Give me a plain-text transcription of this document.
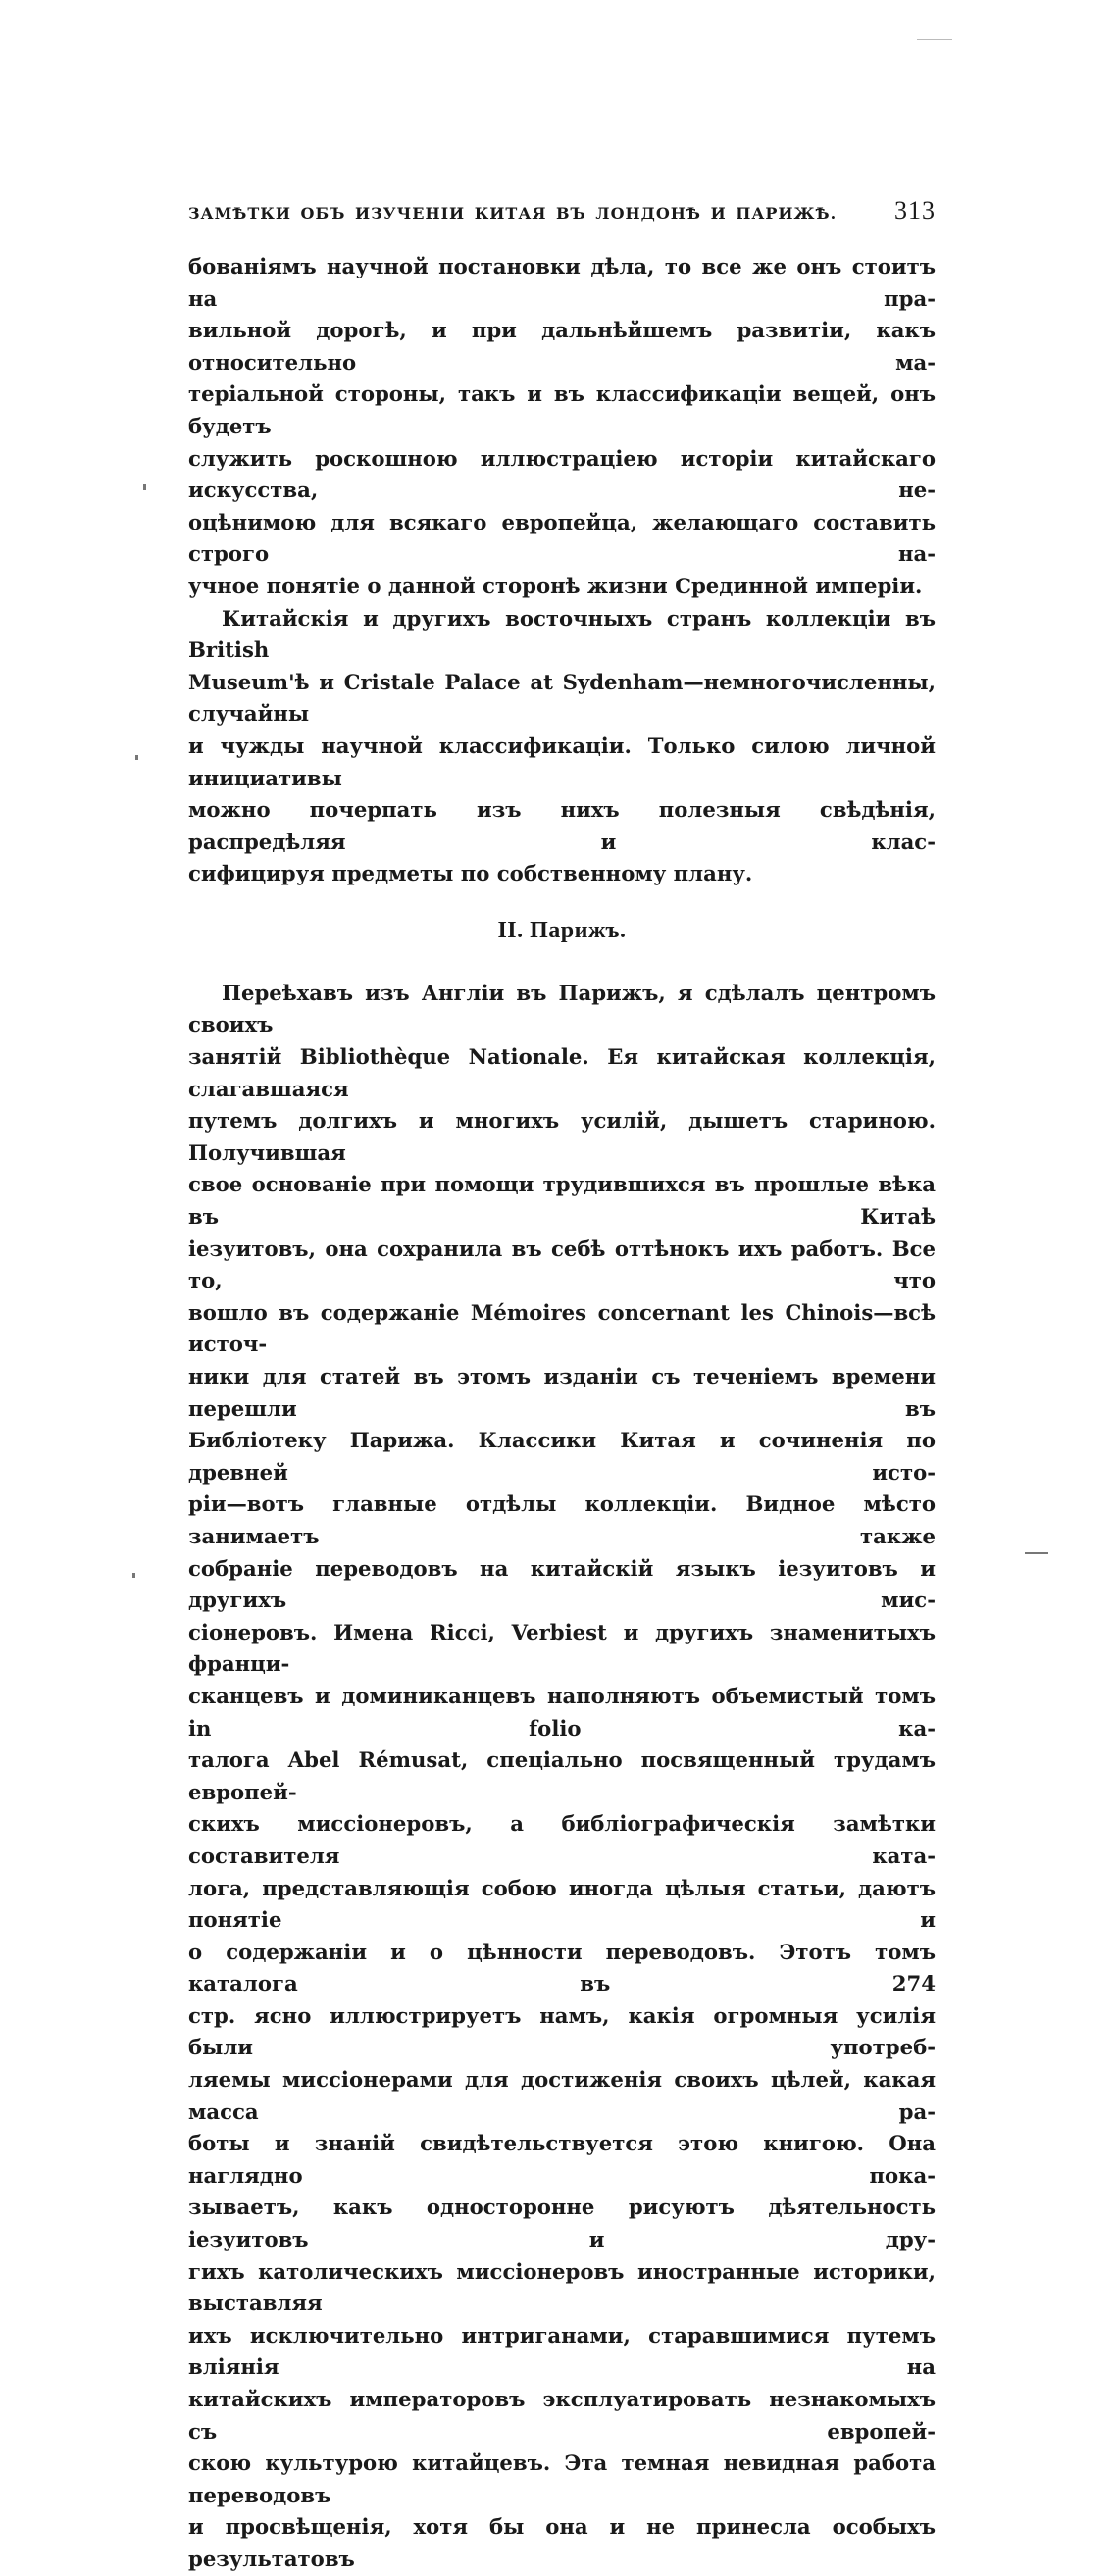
ЗАМѢТКИ ОБЪ ИЗУЧЕНІИ КИТАЯ ВЪ ЛОНДОНѢ И ПАРИЖѢ. 313

бованіямъ научной постановки дѣла, то все же онъ стоитъ на пра-

вильной дорогѣ, и при дальнѣйшемъ развитіи, какъ относительно ма-

теріальной стороны, такъ и въ классификаціи вещей, онъ будетъ

служить роскошною иллюстраціею исторіи китайскаго искусства, не-

оцѣнимою для всякаго европейца, желающаго составить строго на-

учное понятіе о данной сторонѣ жизни Срединной имперіи.

Китайскія и другихъ восточныхъ странъ коллекціи въ British

Museum'ѣ и Cristale Palace at Sydenham—немногочисленны, случайны

и чужды научной классификаціи. Только силою личной инициативы

можно почерпать изъ нихъ полезныя свѣдѣнія, распредѣляя и клас-

сифицируя предметы по собственному плану.

II. Парижъ.

Переѣхавъ изъ Англіи въ Парижъ, я сдѣлалъ центромъ своихъ

занятій Bibliothèque Nationale. Ея китайская коллекція, слагавшаяся

путемъ долгихъ и многихъ усилій, дышетъ стариною. Получившая

свое основаніе при помощи трудившихся въ прошлые вѣка въ Китаѣ

іезуитовъ, она сохранила въ себѣ оттѣнокъ ихъ работъ. Все то, что

вошло въ содержаніе Mémoires concernant les Chinois—всѣ источ-

ники для статей въ этомъ изданіи съ теченіемъ времени перешли въ

Библіотеку Парижа. Классики Китая и сочиненія по древней исто-

ріи—вотъ главные отдѣлы коллекціи. Видное мѣсто занимаетъ также

собраніе переводовъ на китайскій языкъ іезуитовъ и другихъ мис-

сіонеровъ. Имена Ricci, Verbiest и другихъ знаменитыхъ франци-

сканцевъ и доминиканцевъ наполняютъ объемистый томъ in folio ка-

талога Abel Rémusat, спеціально посвященный трудамъ европей-

скихъ миссіонеровъ, а библіографическія замѣтки составителя ката-

лога, представляющія собою иногда цѣлыя статьи, даютъ понятіе и

о содержаніи и о цѣнности переводовъ. Этотъ томъ каталога въ 274

стр. ясно иллюстрируетъ намъ, какія огромныя усилія были употреб-

ляемы миссіонерами для достиженія своихъ цѣлей, какая масса ра-

боты и знаній свидѣтельствуется этою книгою. Она наглядно пока-

зываетъ, какъ односторонне рисуютъ дѣятельность іезуитовъ и дру-

гихъ католическихъ миссіонеровъ иностранные историки, выставляя

ихъ исключительно интриганами, старавшимися путемъ вліянія на

китайскихъ императоровъ эксплуатировать незнакомыхъ съ европей-

скою культурою китайцевъ. Эта темная невидная работа переводовъ

и просвѣщенія, хотя бы она и не принесла особыхъ результатовъ
